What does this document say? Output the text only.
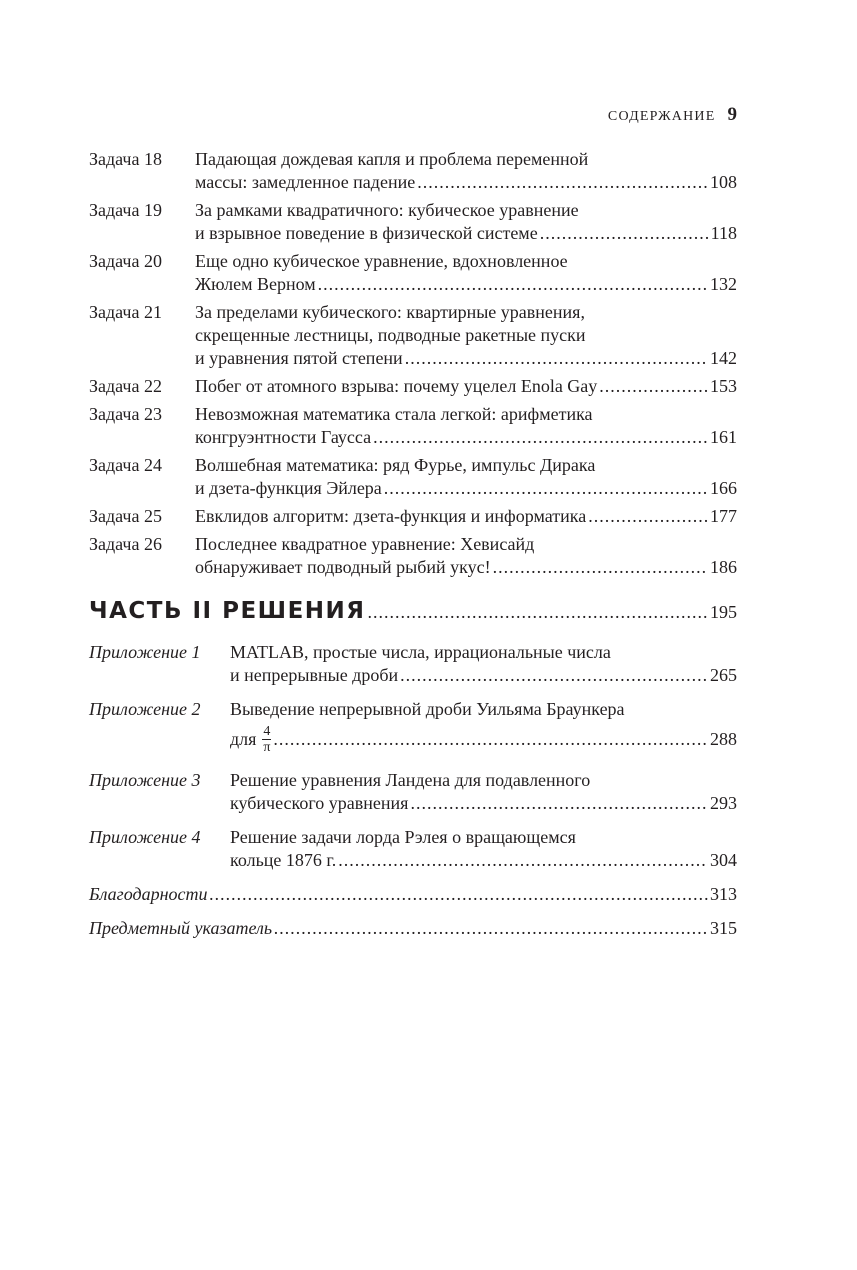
СОДЕРЖАНИЕ 9
Задача 18	Падающая дождевая капля и проблема переменной
массы: замедленное падение .....	108
Задача 19	За рамками квадратичного: кубическое уравнение
и взрывное поведение в физической системе .....	118
Задача 20	Еще одно кубическое уравнение, вдохновленное
Жюлем Верном .....	132
Задача 21	За пределами кубического: квартирные уравнения,
скрещенные лестницы, подводные ракетные пуски
и уравнения пятой степени .....	142
Задача 22	Побег от атомного взрыва: почему уцелел Enola Gay .....	153
Задача 23	Невозможная математика стала легкой: арифметика
конгруэнтности Гаусса .....	161
Задача 24	Волшебная математика: ряд Фурье, импульс Дирака
и дзета-функция Эйлера .....	166
Задача 25	Евклидов алгоритм: дзета-функция и информатика .....	177
Задача 26	Последнее квадратное уравнение: Хевисайд
обнаруживает подводный рыбий укус! .....	186
ЧАСТЬ II РЕШЕНИЯ .....	195
Приложение 1	MATLAB, простые числа, иррациональные числа
и непрерывные дроби .....	265
Приложение 2	Выведение непрерывной дроби Уильяма Браункера
для $\frac{4}{\pi}$ .....	288
Приложение 3	Решение уравнения Ландена для подавленного
кубического уравнения .....	293
Приложение 4	Решение задачи лорда Рэлея о вращающемся
кольце 1876 г. .....	304
Благодарности .....	313
Предметный указатель .....	315
